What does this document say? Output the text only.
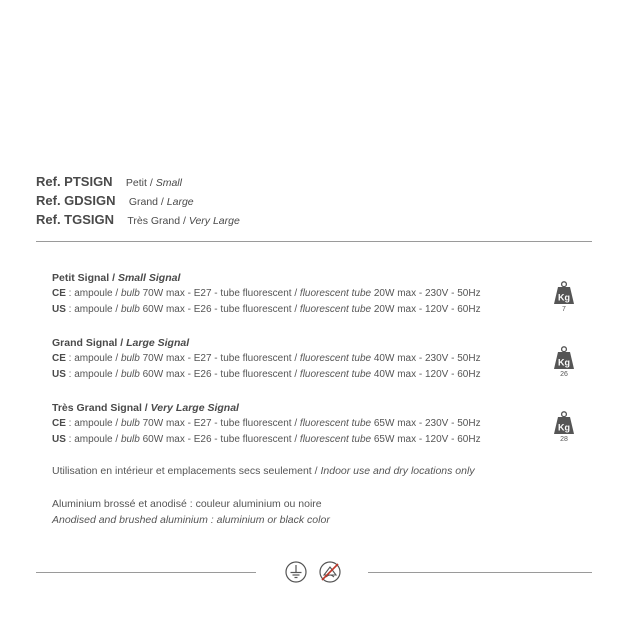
Ref. PTSIGN Petit / Small
Ref. GDSIGN Grand / Large
Ref. TGSIGN Très Grand / Very Large
Petit Signal / Small Signal
CE : ampoule / bulb 70W max - E27 - tube fluorescent / fluorescent tube 20W max - 230V - 50Hz
US : ampoule / bulb 60W max - E26 - tube fluorescent / fluorescent tube 20W max - 120V - 60Hz
Kg
7
Grand Signal / Large Signal
CE : ampoule / bulb 70W max - E27 - tube fluorescent / fluorescent tube 40W max - 230V - 50Hz
US : ampoule / bulb 60W max - E26 - tube fluorescent / fluorescent tube 40W max - 120V - 60Hz
Kg
26
Très Grand Signal / Very Large Signal
CE : ampoule / bulb 70W max - E27 - tube fluorescent / fluorescent tube 65W max - 230V - 50Hz
US : ampoule / bulb 60W max - E26 - tube fluorescent / fluorescent tube 65W max - 120V - 60Hz
Kg
28
Utilisation en intérieur et emplacements secs seulement / Indoor use and dry locations only
Aluminium brossé et anodisé : couleur aluminium ou noire
Anodised and brushed aluminium : aluminium or black color
